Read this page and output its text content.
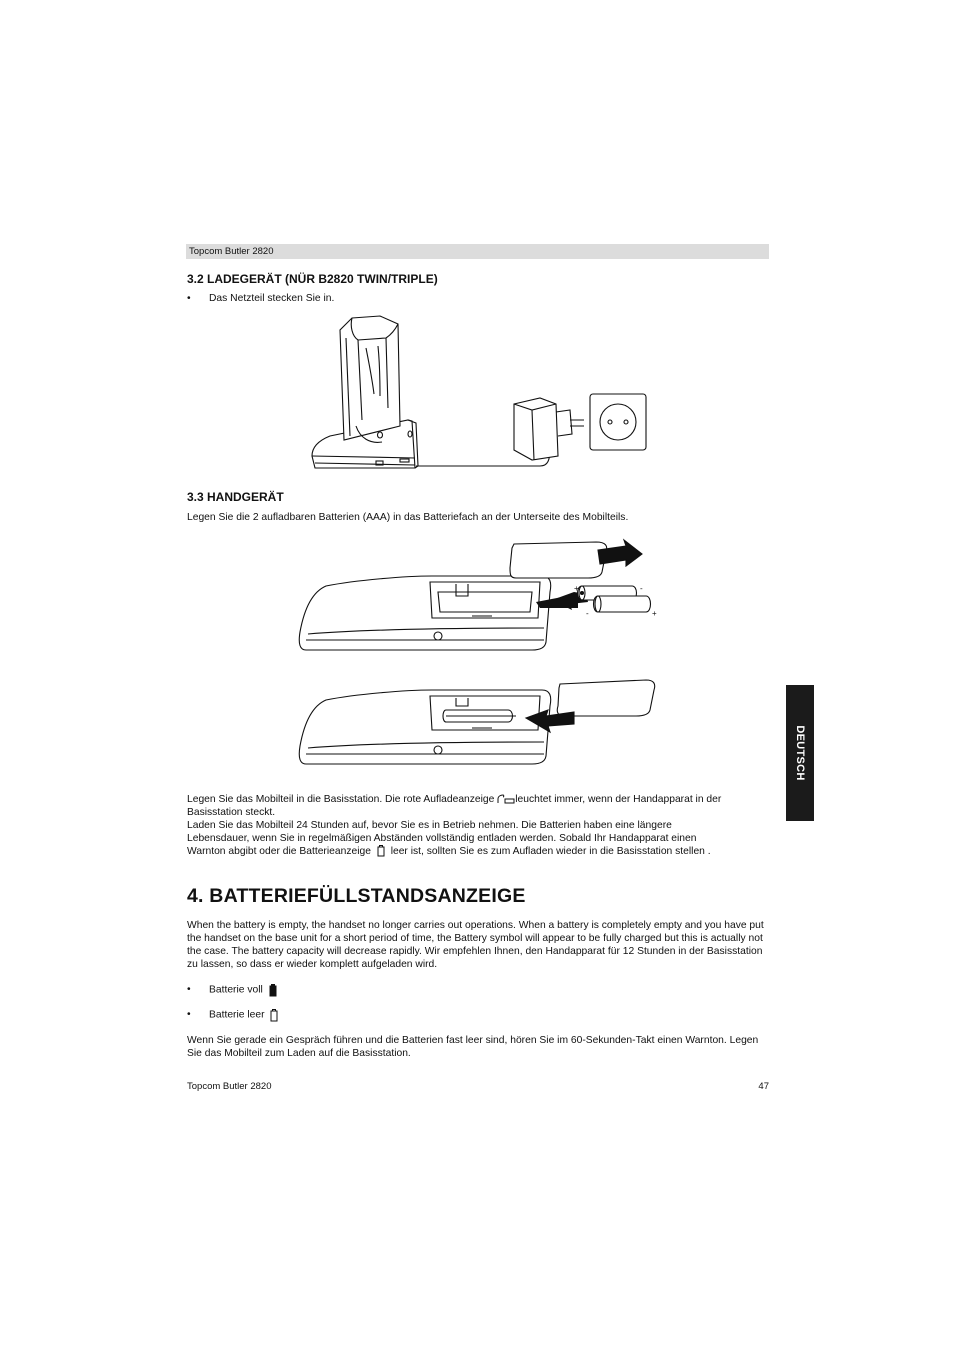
Topcom Butler 2820
3.2 LADEGERÄT (NÜR B2820 TWIN/TRIPLE)
• Das Netzteil stecken Sie in.
3.3 HANDGERÄT
Legen Sie die 2 aufladbaren Batterien (AAA) in das Batteriefach an der Unterseite des Mobilteils.
+	-
-	+
Legen Sie das Mobilteil in die Basisstation. Die rote Aufladeanzeige leuchtet immer, wenn der Handapparat in der
Basisstation steckt.
Laden Sie das Mobilteil 24 Stunden auf, bevor Sie es in Betrieb nehmen. Die Batterien haben eine längere
Lebensdauer, wenn Sie in regelmäßigen Abständen vollständig entladen werden. Sobald Ihr Handapparat einen
Warnton abgibt oder die Batterieanzeige leer ist, sollten Sie es zum Aufladen wieder in die Basisstation stellen .
4. BATTERIEFÜLLSTANDSANZEIGE
When the battery is empty, the handset no longer carries out operations. When a battery is completely empty and you have put the handset on the base unit for a short period of time, the Battery symbol will appear to be fully charged but this is actually not the case. The battery capacity will decrease rapidly. Wir empfehlen Ihnen, den Handapparat für 12 Stunden in der Basisstation zu lassen, so dass er wieder komplett aufgeladen wird.
• Batterie voll
• Batterie leer
Wenn Sie gerade ein Gespräch führen und die Batterien fast leer sind, hören Sie im 60-Sekunden-Takt einen Warnton. Legen Sie das Mobilteil zum Laden auf die Basisstation.
DEUTSCH
Topcom Butler 2820	47
